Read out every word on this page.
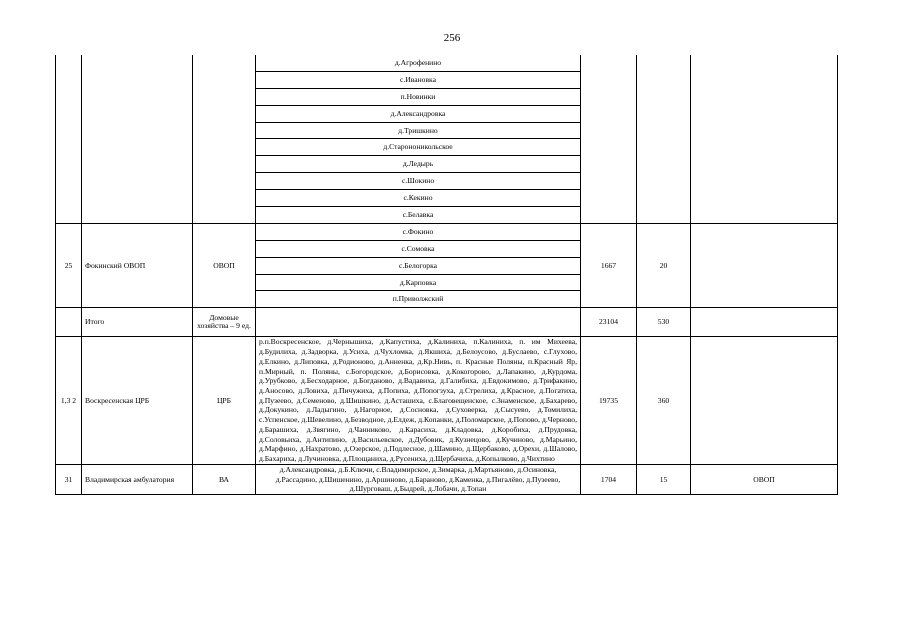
256
			д.Агрофенино			
			с.Ивановка			
			п.Новинки			
			д.Александровка			
			д.Тришкино			
			д.Старононикольское			
			д.Ледырь			
			с.Шокино			
			с.Кекино			
			с.Белавка			
25	Фокинский ОВОП	ОВОП	с.Фокино	1667	20	
			с.Сомовка			
			с.Белогорка			
			д.Карповка			
			п.Приволжский			
	Итого	Домовые хозяйства – 9 ед.		23104	530	
1,3 2	Воскресенская ЦРБ	ЦРБ	р.п.Воскресенское, д.Чернышиха, д.Капустиха, д.Калиниха, п.Калиниха, п. им Михеева, д.Будилиха, д.Задворка, д.Усиха, д.Чухломка, д.Якшиха, д.Белоусово, д.Буслаево, с.Глухово, д.Елкино, д.Липовка, д.Родионово, д.Анненка, д.Кр.Нивь, п. Красные Поляны, п.Красный Яр, п.Мирный, п. Поляны, с.Богородское, д.Борисовка, д.Кокогорово, д.Лапакино, д.Курдома, д.Урубково, д.Бесходарное, д.Богданово, д.Вадавиха, д.Галибиха, д.Евдокимово, д.Трифакино, д.Аносово, д.Ловиха, д.Пичужиха, д.Попиха, д.Попогзуха, д.Стрелиха, д.Красное, д.Погатиха, д.Пузеево, д.Семеново, д.Шишкино, д.Асташиха, с.Благовещенское, с.Знаменское, д.Бахарево, д.Докукино, д.Ладыгино, д.Нагорное, д.Сосновка, д.Суховерка, д.Сысуево, д.Томилиха, с.Успенское, д.Шевелино, д.Безводное, д.Елдеж, д.Копанки, д.Поломарское, д.Попово, д.Черново, д.Барашиха, д.Звягино, д.Чанниково, д.Карасиха, д.Кладовка, д.Коробиха, д.Прудовка, д.Соловьиха, д.Антипино, д.Васильевское, д.Дубовик, д.Кузнецово, д.Кучиново, д.Марьино, д.Марфино, д.Нахратово, д.Озерское, д.Подлесное, д.Шамино, д.Щербаково, д.Орехи, д.Шалово, д.Бахариха, д.Лучиновка, д.Площаниха, д.Русениха, д.Щербачиха, д.Копылково, д.Чихтино	19735	360	
31	Владимирская амбулатория	ВА	д.Александровка, д.Б.Ключи, с.Владимирское, д.Зимарка, д.Мартьяново, д.Осиновка, д.Рассадино, д.Шишенино, д.Аршиново, д.Бараново, д.Каменка, д.Пигалёво, д.Пузеево, д.Шурговаш, д.Быдрей, д.Лобачи, д.Топан	1704	15	ОВОП
